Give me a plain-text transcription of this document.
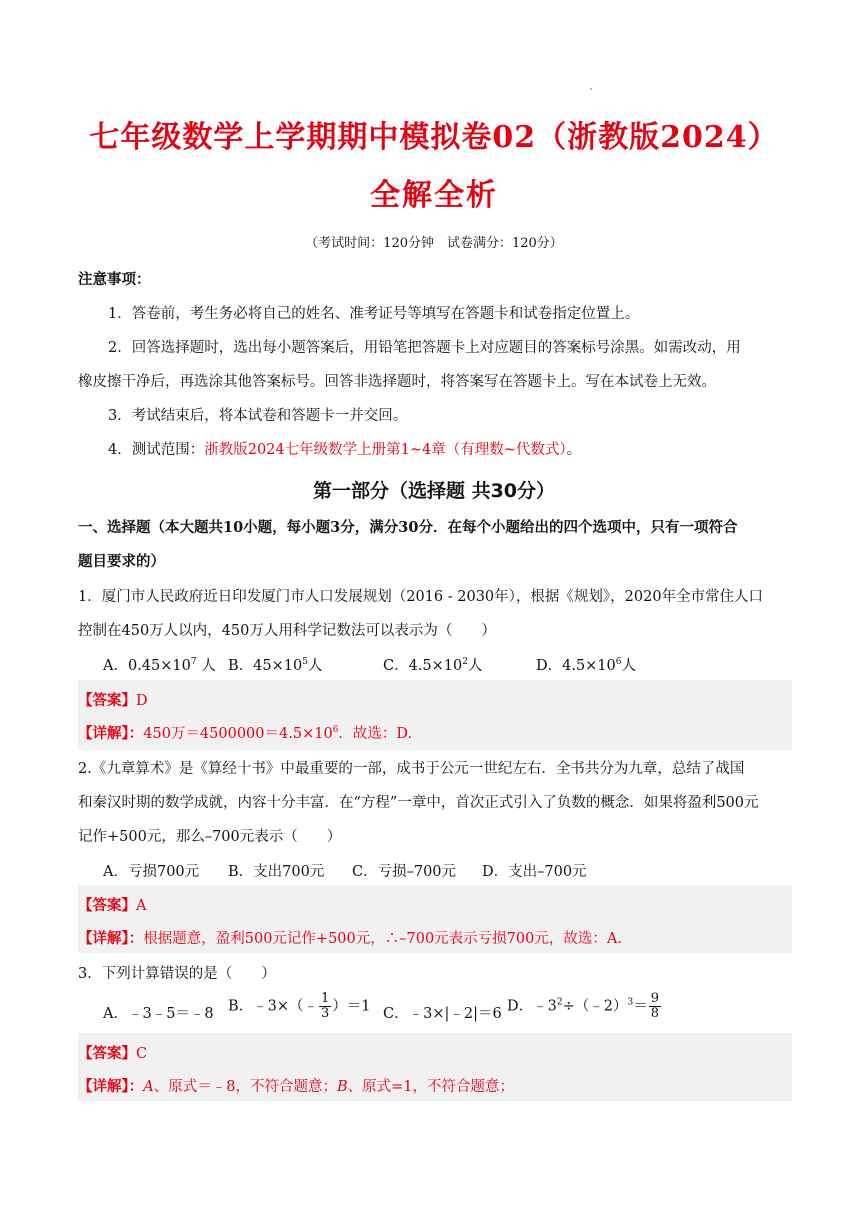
七年级数学上学期期中模拟卷02（浙教版2024）
全解全析
（考试时间：120分钟　试卷满分：120分）
注意事项：
1．答卷前，考生务必将自己的姓名、准考证号等填写在答题卡和试卷指定位置上。
2．回答选择题时，选出每小题答案后，用铅笔把答题卡上对应题目的答案标号涂黑。如需改动，用
橡皮擦干净后，再选涂其他答案标号。回答非选择题时，将答案写在答题卡上。写在本试卷上无效。
3．考试结束后，将本试卷和答题卡一并交回。
4．测试范围：浙教版2024七年级数学上册第1~4章（有理数~代数式）。
第一部分（选择题 共30分）
一、选择题（本大题共10小题，每小题3分，满分30分．在每个小题给出的四个选项中，只有一项符合
题目要求的）
1．厦门市人民政府近日印发厦门市人口发展规划（2016 - 2030年），根据《规划》，2020年全市常住人口
控制在450万人以内，450万人用科学记数法可以表示为（　　）
A．$0.45\times 10^7$ 人 B．$45\times 10^5$人	C．$4.5\times 10^2$人	D．$4.5\times 10^6$人
【答案】D
【详解】：450万$=4500000=4.5\times 10^6$．故选：D.
2.《九章算术》是《算经十书》中最重要的一部，成书于公元一世纪左右．全书共分为九章，总结了战国
和秦汉时期的数学成就，内容十分丰富．在“方程”一章中，首次正式引入了负数的概念．如果将盈利500元
记作+500元，那么–700元表示（　　）
A．亏损700元 B．支出700元 C．亏损–700元 D．支出–700元
【答案】A
【详解】：根据题意，盈利500元记作+500元，∴–700元表示亏损700元，故选：A.
3．下列计算错误的是（　　）
A．﹣3﹣5＝﹣8 B．﹣3×（﹣ $\frac{1}{3} )=1$ C．﹣3×|﹣2|＝6 D．$﹣3^2\div(﹣2)^3= \frac{9}{8}$
【答案】C
【详解】：A、原式＝﹣8，不符合题意；B、原式=1，不符合题意；
